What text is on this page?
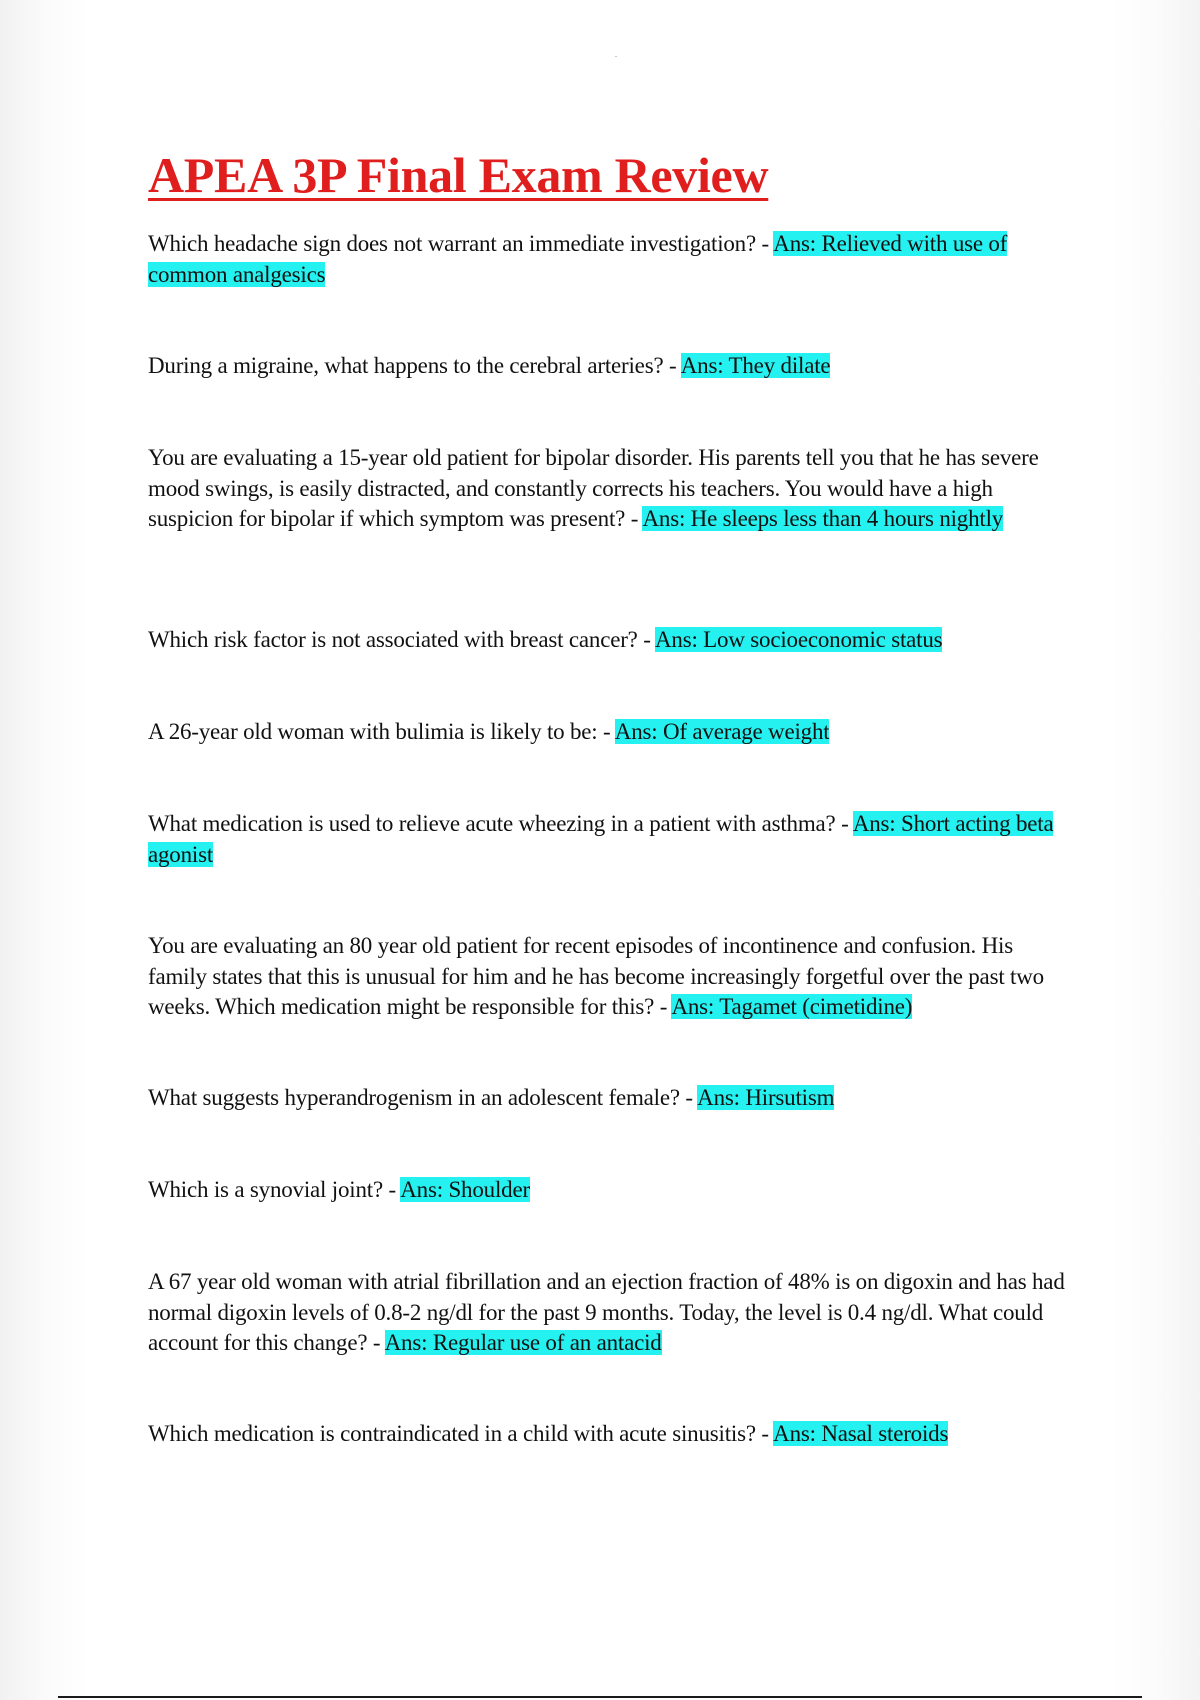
APEA 3P Final Exam Review

Which headache sign does not warrant an immediate investigation? - Ans: Relieved with use of common analgesics

During a migraine, what happens to the cerebral arteries? - Ans: They dilate

You are evaluating a 15-year old patient for bipolar disorder. His parents tell you that he has severe mood swings, is easily distracted, and constantly corrects his teachers. You would have a high suspicion for bipolar if which symptom was present? - Ans: He sleeps less than 4 hours nightly

Which risk factor is not associated with breast cancer? - Ans: Low socioeconomic status

A 26-year old woman with bulimia is likely to be: - Ans: Of average weight

What medication is used to relieve acute wheezing in a patient with asthma? - Ans: Short acting beta agonist

You are evaluating an 80 year old patient for recent episodes of incontinence and confusion. His family states that this is unusual for him and he has become increasingly forgetful over the past two weeks. Which medication might be responsible for this? - Ans: Tagamet (cimetidine)

What suggests hyperandrogenism in an adolescent female? - Ans: Hirsutism

Which is a synovial joint? - Ans: Shoulder

A 67 year old woman with atrial fibrillation and an ejection fraction of 48% is on digoxin and has had normal digoxin levels of 0.8-2 ng/dl for the past 9 months. Today, the level is 0.4 ng/dl. What could account for this change? - Ans: Regular use of an antacid

Which medication is contraindicated in a child with acute sinusitis? - Ans: Nasal steroids
